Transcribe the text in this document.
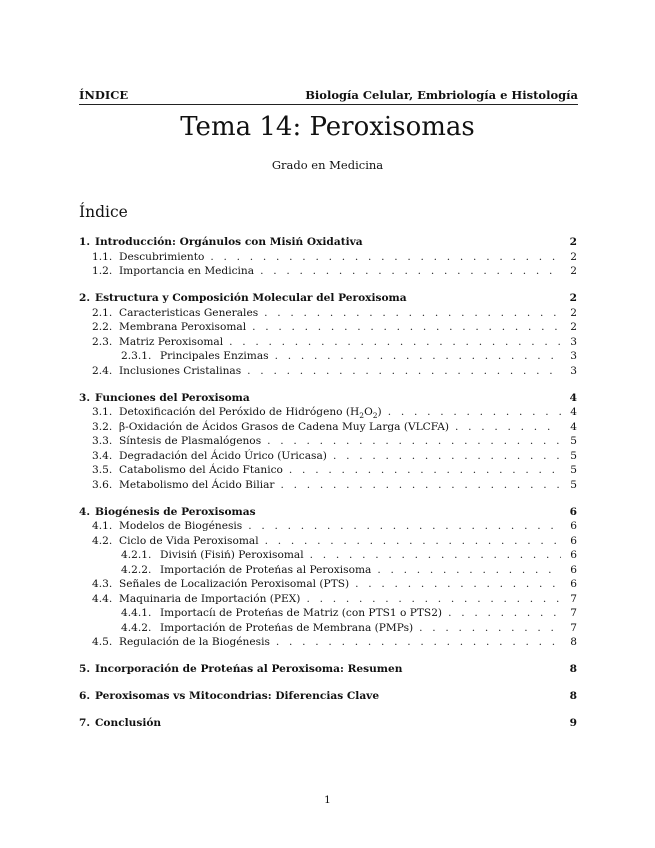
ÍNDICE	Biología Celular, Embriología e Histología
Tema 14: Peroxisomas
Grado en Medicina
Índice
1. Introducción: Orgánulos con Misiń Oxidativa	2
1.1. Descubrimiento . . .	2
1.2. Importancia en Medicina . . .	2
2. Estructura y Composición Molecular del Peroxisoma	2
2.1. Caracteristicas Generales . . .	2
2.2. Membrana Peroxisomal . . .	2
2.3. Matriz Peroxisomal . . .	3
2.3.1. Principales Enzimas . . .	3
2.4. Inclusiones Cristalinas . . .	3
3. Funciones del Peroxisoma	4
3.1. Detoxificación del Peróxido de Hidrógeno $(H_2O_2)$ . . .	4
3.2. β-Oxidación de Ácidos Grasos de Cadena Muy Larga (VLCFA) . . .	4
3.3. Síntesis de Plasmalógenos . . .	5
3.4. Degradación del Ácido Úrico (Uricasa) . . .	5
3.5. Catabolismo del Ácido Ftanico . . .	5
3.6. Metabolismo del Ácido Biliar . . .	5
4. Biogénesis de Peroxisomas	6
4.1. Modelos de Biogénesis . . .	6
4.2. Ciclo de Vida Peroxisomal . . .	6
4.2.1. Divisiń (Fisiń) Peroxisomal . . .	6
4.2.2. Importación de Proteńas al Peroxisoma . . .	6
4.3. Señales de Localización Peroxisomal (PTS) . . .	6
4.4. Maquinaria de Importación (PEX) . . .	7
4.4.1. Importacíı de Proteńas de Matriz (con PTS1 o PTS2) . . .	7
4.4.2. Importación de Proteńas de Membrana (PMPs) . . .	7
4.5. Regulación de la Biogénesis . . .	8
5. Incorporación de Proteńas al Peroxisoma: Resumen	8
6. Peroxisomas vs Mitocondrias: Diferencias Clave	8
7. Conclusión	9
1
